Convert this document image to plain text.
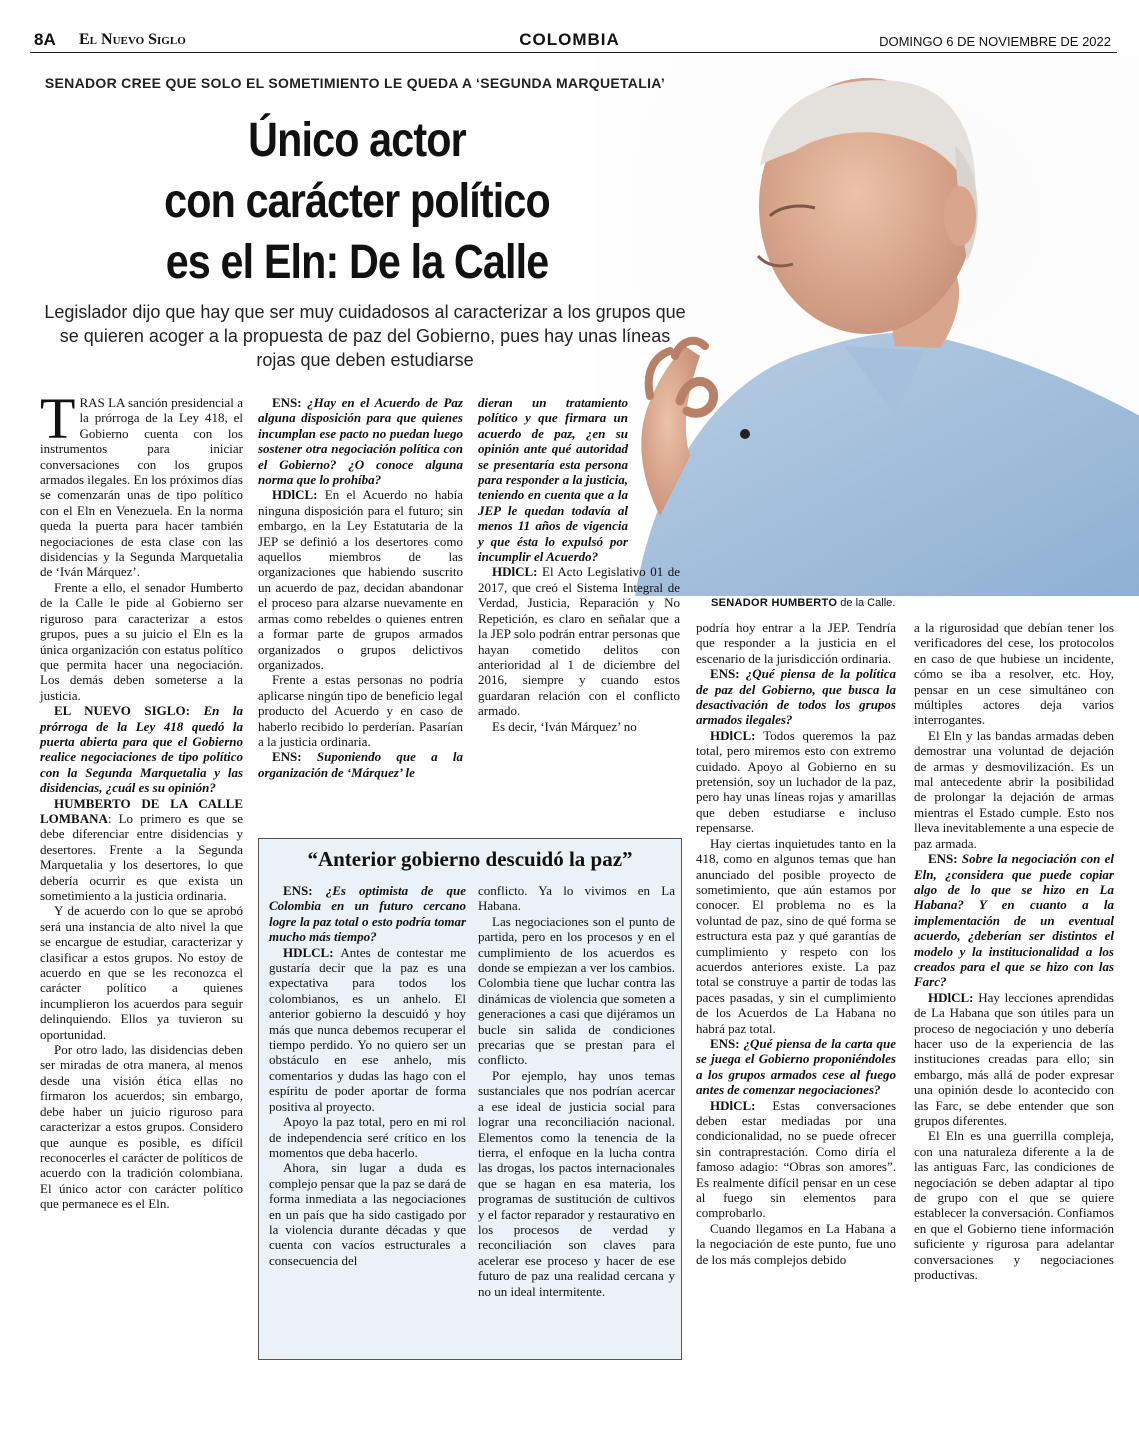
8A El Nuevo Siglo	COLOMBIA	DOMINGO 6 DE NOVIEMBRE DE 2022
SENADOR HUMBERTO de la Calle.
SENADOR CREE QUE SOLO EL SOMETIMIENTO LE QUEDA A ‘SEGUNDA MARQUETALIA’
Único actor
con carácter político
es el Eln: De la Calle
Legislador dijo que hay que ser muy cuidadosos al caracterizar a los grupos que se quieren acoger a la propuesta de paz del Gobierno, pues hay unas líneas rojas que deben estudiarse

TRAS LA sanción presidencial a la prórroga de la Ley 418, el Gobierno cuenta con los instrumentos para iniciar conversaciones con los grupos armados ilegales. En los próximos días se comenzarán unas de tipo político con el Eln en Venezuela. En la norma queda la puerta para hacer también negociaciones de esta clase con las disidencias y la Segunda Marquetalia de ‘Iván Márquez’.

Frente a ello, el senador Humberto de la Calle le pide al Gobierno ser riguroso para caracterizar a estos grupos, pues a su juicio el Eln es la única organización con estatus político que permita hacer una negociación. Los demás deben someterse a la justicia.

EL NUEVO SIGLO: En la prórroga de la Ley 418 quedó la puerta abierta para que el Gobierno realice negociaciones de tipo político con la Segunda Marquetalia y las disidencias, ¿cuál es su opinión?

HUMBERTO DE LA CALLE LOMBANA: Lo primero es que se debe diferenciar entre disidencias y desertores. Frente a la Segunda Marquetalia y los desertores, lo que debería ocurrir es que exista un sometimiento a la justicia ordinaria.

Y de acuerdo con lo que se aprobó será una instancia de alto nivel la que se encargue de estudiar, caracterizar y clasificar a estos grupos. No estoy de acuerdo en que se les reconozca el carácter político a quienes incumplieron los acuerdos para seguir delinquiendo. Ellos ya tuvieron su oportunidad.

Por otro lado, las disidencias deben ser miradas de otra manera, al menos desde una visión ética ellas no firmaron los acuerdos; sin embargo, debe haber un juicio riguroso para caracterizar a estos grupos. Considero que aunque es posible, es difícil reconocerles el carácter de políticos de acuerdo con la tradición colombiana. El único actor con carácter político que permanece es el Eln.

ENS: ¿Hay en el Acuerdo de Paz alguna disposición para que quienes incumplan ese pacto no puedan luego sostener otra negociación política con el Gobierno? ¿O conoce alguna norma que lo prohíba?

HDlCL: En el Acuerdo no había ninguna disposición para el futuro; sin embargo, en la Ley Estatutaria de la JEP se definió a los desertores como aquellos miembros de las organizaciones que habiendo suscrito un acuerdo de paz, decidan abandonar el proceso para alzarse nuevamente en armas como rebeldes o quienes entren a formar parte de grupos armados organizados o grupos delictivos organizados.

Frente a estas personas no podría aplicarse ningún tipo de beneficio legal producto del Acuerdo y en caso de haberlo recibido lo perderían. Pasarían a la justicia ordinaria.

ENS: Suponiendo que a la organización de ‘Márquez’ le

dieran un tratamiento político y que firmara un acuerdo de paz, ¿en su opinión ante qué autoridad se presentaría esta persona para responder a la justicia, teniendo en cuenta que a la JEP le quedan todavía al menos 11 años de vigencia y que ésta lo expulsó por incumplir el Acuerdo?

HDlCL: El Acto Legislativo 01 de 2017, que creó el Sistema Integral de Verdad, Justicia, Reparación y No Repetición, es claro en señalar que a la JEP solo podrán entrar personas que hayan cometido delitos con anterioridad al 1 de diciembre del 2016, siempre y cuando estos guardaran relación con el conflicto armado.

Es decir, ‘Iván Márquez’ no

podría hoy entrar a la JEP. Tendría que responder a la justicia en el escenario de la jurisdicción ordinaria.

ENS: ¿Qué piensa de la política de paz del Gobierno, que busca la desactivación de todos los grupos armados ilegales?

HDlCL: Todos queremos la paz total, pero miremos esto con extremo cuidado. Apoyo al Gobierno en su pretensión, soy un luchador de la paz, pero hay unas líneas rojas y amarillas que deben estudiarse e incluso repensarse.

Hay ciertas inquietudes tanto en la 418, como en algunos temas que han anunciado del posible proyecto de sometimiento, que aún estamos por conocer. El problema no es la voluntad de paz, sino de qué forma se estructura esta paz y qué garantías de cumplimiento y respeto con los acuerdos anteriores existe. La paz total se construye a partir de todas las paces pasadas, y sin el cumplimiento de los Acuerdos de La Habana no habrá paz total.

ENS: ¿Qué piensa de la carta que se juega el Gobierno proponiéndoles a los grupos armados cese al fuego antes de comenzar negociaciones?

HDlCL: Estas conversaciones deben estar mediadas por una condicionalidad, no se puede ofrecer sin contraprestación. Como diría el famoso adagio: “Obras son amores”. Es realmente difícil pensar en un cese al fuego sin elementos para comprobarlo.

Cuando llegamos en La Habana a la negociación de este punto, fue uno de los más complejos debido

a la rigurosidad que debían tener los verificadores del cese, los protocolos en caso de que hubiese un incidente, cómo se iba a resolver, etc. Hoy, pensar en un cese simultáneo con múltiples actores deja varios interrogantes.

El Eln y las bandas armadas deben demostrar una voluntad de dejación de armas y desmovilización. Es un mal antecedente abrir la posibilidad de prolongar la dejación de armas mientras el Estado cumple. Esto nos lleva inevitablemente a una especie de paz armada.

ENS: Sobre la negociación con el Eln, ¿considera que puede copiar algo de lo que se hizo en La Habana? Y en cuanto a la implementación de un eventual acuerdo, ¿deberían ser distintos el modelo y la institucionalidad a los creados para el que se hizo con las Farc?

HDlCL: Hay lecciones aprendidas de La Habana que son útiles para un proceso de negociación y uno debería hacer uso de la experiencia de las instituciones creadas para ello; sin embargo, más allá de poder expresar una opinión desde lo acontecido con las Farc, se debe entender que son grupos diferentes.

El Eln es una guerrilla compleja, con una naturaleza diferente a la de las antiguas Farc, las condiciones de negociación se deben adaptar al tipo de grupo con el que se quiere establecer la conversación. Confiamos en que el Gobierno tiene información suficiente y rigurosa para adelantar conversaciones y negociaciones productivas.

“Anterior gobierno descuidó la paz”

ENS: ¿Es optimista de que Colombia en un futuro cercano logre la paz total o esto podría tomar mucho más tiempo?

HDLCL: Antes de contestar me gustaría decir que la paz es una expectativa para todos los colombianos, es un anhelo. El anterior gobierno la descuidó y hoy más que nunca debemos recuperar el tiempo perdido. Yo no quiero ser un obstáculo en ese anhelo, mis comentarios y dudas las hago con el espíritu de poder aportar de forma positiva al proyecto.

Apoyo la paz total, pero en mi rol de independencia seré crítico en los momentos que deba hacerlo.

Ahora, sin lugar a duda es complejo pensar que la paz se dará de forma inmediata a las negociaciones en un país que ha sido castigado por la violencia durante décadas y que cuenta con vacíos estructurales a consecuencia del

conflicto. Ya lo vivimos en La Habana.

Las negociaciones son el punto de partida, pero en los procesos y en el cumplimiento de los acuerdos es donde se empiezan a ver los cambios. Colombia tiene que luchar contra las dinámicas de violencia que someten a generaciones a casi que dijéramos un bucle sin salida de condiciones precarias que se prestan para el conflicto.

Por ejemplo, hay unos temas sustanciales que nos podrían acercar a ese ideal de justicia social para lograr una reconciliación nacional. Elementos como la tenencia de la tierra, el enfoque en la lucha contra las drogas, los pactos internacionales que se hagan en esa materia, los programas de sustitución de cultivos y el factor reparador y restaurativo en los procesos de verdad y reconciliación son claves para acelerar ese proceso y hacer de ese futuro de paz una realidad cercana y no un ideal intermitente.
